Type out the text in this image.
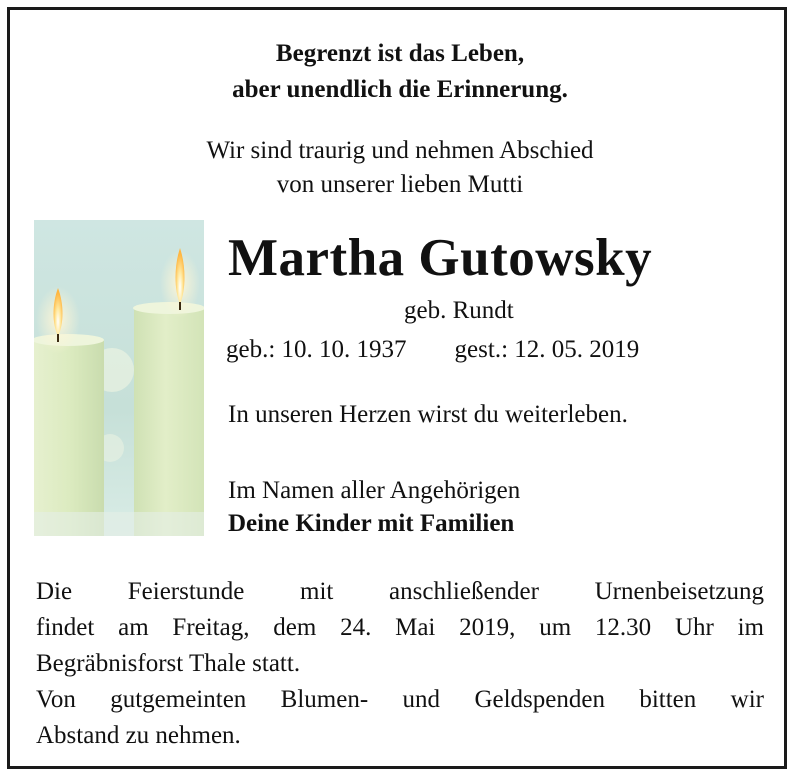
Begrenzt ist das Leben,
aber unendlich die Erinnerung.
Wir sind traurig und nehmen Abschied
von unserer lieben Mutti
Martha Gutowsky
geb. Rundt
geb.: 10. 10. 1937 gest.: 12. 05. 2019
In unseren Herzen wirst du weiterleben.
Im Namen aller Angehörigen
Deine Kinder mit Familien
Die Feierstunde mit anschließender Urnenbeisetzung
findet am Freitag, dem 24. Mai 2019, um 12.30 Uhr im
Begräbnisforst Thale statt.
Von gutgemeinten Blumen- und Geldspenden bitten wir
Abstand zu nehmen.
